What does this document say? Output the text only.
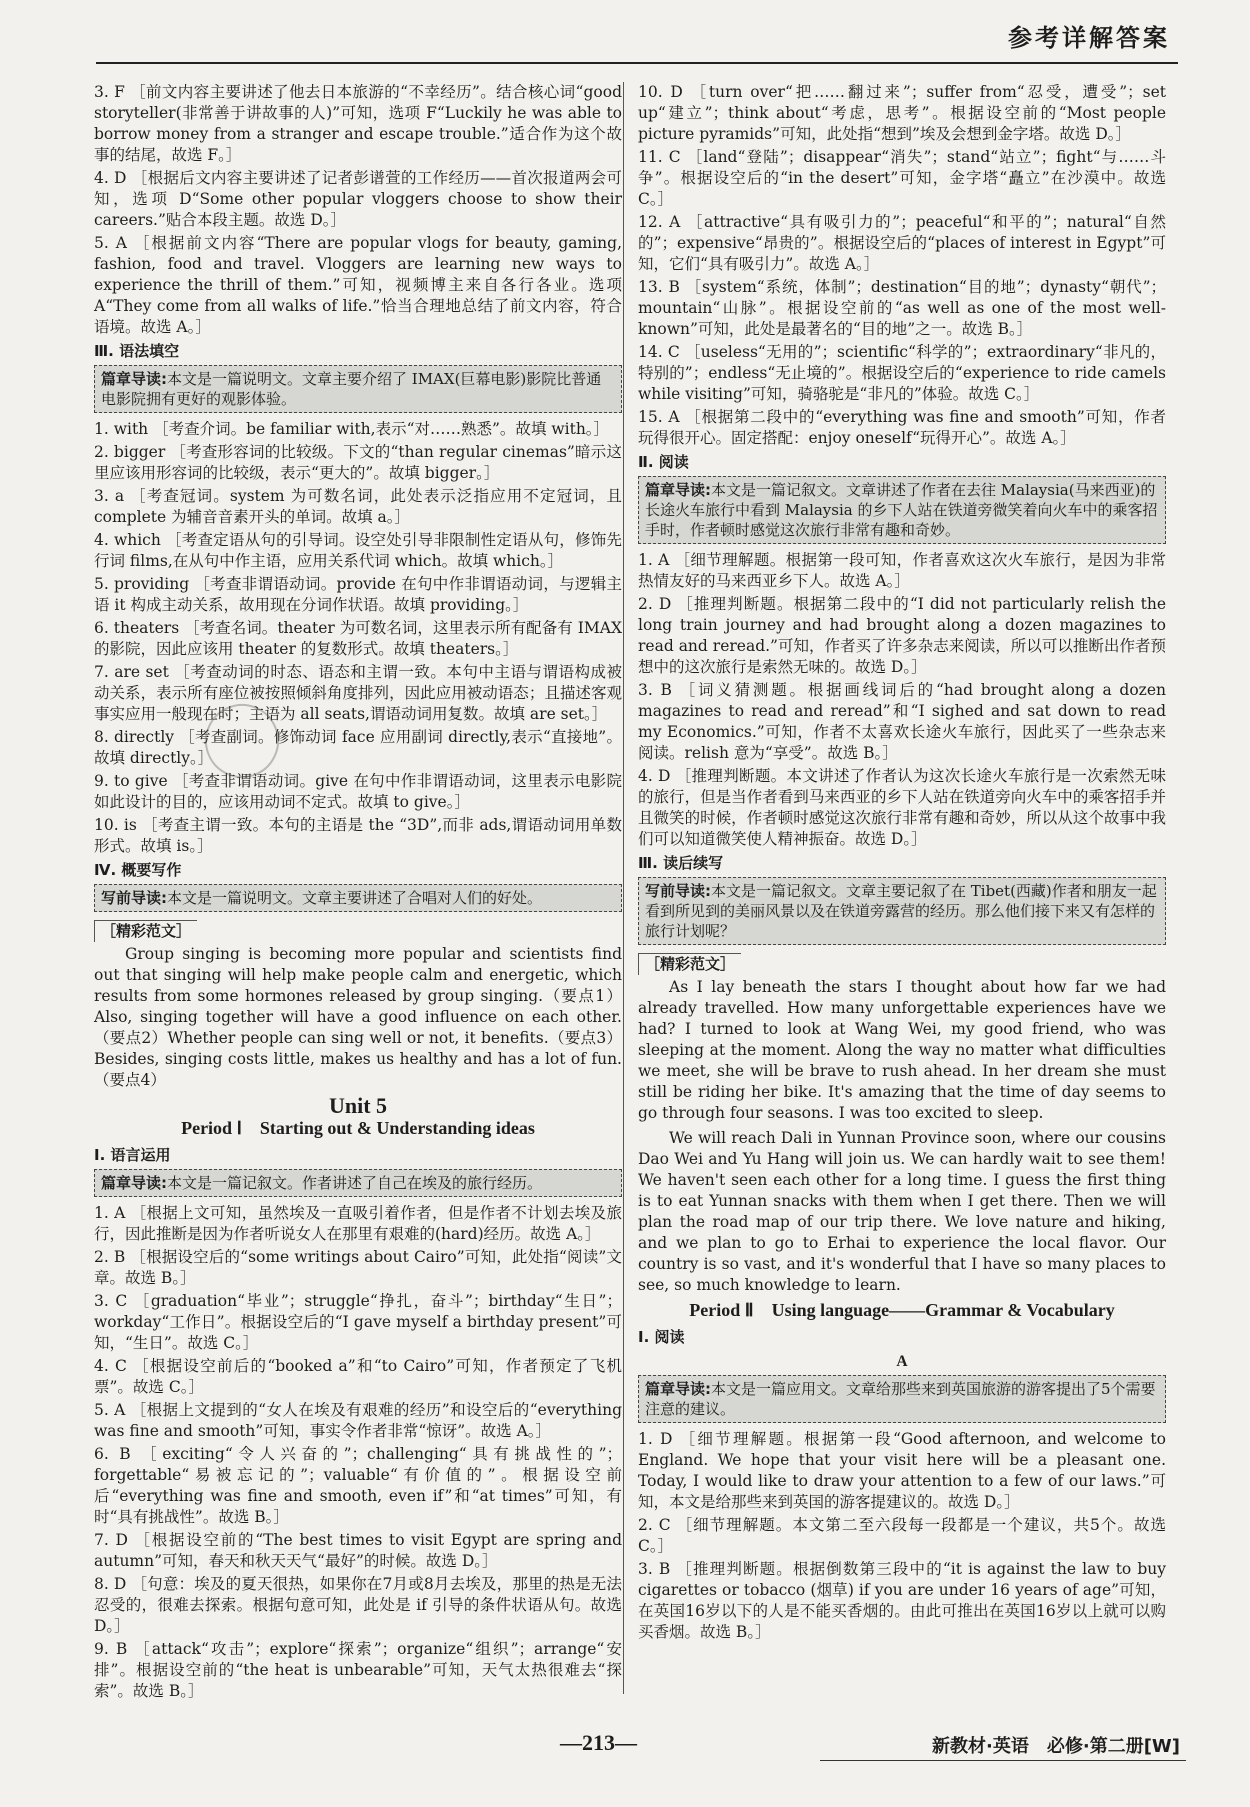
参考详解答案
3. F ［前文内容主要讲述了他去日本旅游的“不幸经历”。结合核心词“good storyteller(非常善于讲故事的人)”可知，选项 F“Luckily he was able to borrow money from a stranger and escape trouble.”适合作为这个故事的结尾，故选 F。］
4. D ［根据后文内容主要讲述了记者彭谱萱的工作经历——首次报道两会可知，选项 D“Some other popular vloggers choose to show their careers.”贴合本段主题。故选 D。］
5. A ［根据前文内容“There are popular vlogs for beauty, gaming, fashion, food and travel. Vloggers are learning new ways to experience the thrill of them.”可知，视频博主来自各行各业。选项 A“They come from all walks of life.”恰当合理地总结了前文内容，符合语境。故选 A。］
Ⅲ. 语法填空
篇章导读:本文是一篇说明文。文章主要介绍了 IMAX(巨幕电影)影院比普通电影院拥有更好的观影体验。
1. with ［考查介词。be familiar with,表示“对……熟悉”。故填 with。］
2. bigger ［考查形容词的比较级。下文的“than regular cinemas”暗示这里应该用形容词的比较级，表示“更大的”。故填 bigger。］
3. a ［考查冠词。system 为可数名词，此处表示泛指应用不定冠词，且 complete 为辅音音素开头的单词。故填 a。］
4. which ［考查定语从句的引导词。设空处引导非限制性定语从句，修饰先行词 films,在从句中作主语，应用关系代词 which。故填 which。］
5. providing ［考查非谓语动词。provide 在句中作非谓语动词，与逻辑主语 it 构成主动关系，故用现在分词作状语。故填 providing。］
6. theaters ［考查名词。theater 为可数名词，这里表示所有配备有 IMAX 的影院，因此应该用 theater 的复数形式。故填 theaters。］
7. are set ［考查动词的时态、语态和主谓一致。本句中主语与谓语构成被动关系，表示所有座位被按照倾斜角度排列，因此应用被动语态；且描述客观事实应用一般现在时；主语为 all seats,谓语动词用复数。故填 are set。］
8. directly ［考查副词。修饰动词 face 应用副词 directly,表示“直接地”。故填 directly。］
9. to give ［考查非谓语动词。give 在句中作非谓语动词，这里表示电影院如此设计的目的，应该用动词不定式。故填 to give。］
10. is ［考查主谓一致。本句的主语是 the “3D”,而非 ads,谓语动词用单数形式。故填 is。］
Ⅳ. 概要写作
写前导读:本文是一篇说明文。文章主要讲述了合唱对人们的好处。
［精彩范文］
Group singing is becoming more popular and scientists find out that singing will help make people calm and energetic, which results from some hormones released by group singing.（要点1）Also, singing together will have a good influence on each other.（要点2）Whether people can sing well or not, it benefits.（要点3）Besides, singing costs little, makes us healthy and has a lot of fun.（要点4）
Unit 5
Period Ⅰ　Starting out & Understanding ideas
Ⅰ. 语言运用
篇章导读:本文是一篇记叙文。作者讲述了自己在埃及的旅行经历。
1. A ［根据上文可知，虽然埃及一直吸引着作者，但是作者不计划去埃及旅行，因此推断是因为作者听说女人在那里有艰难的(hard)经历。故选 A。］
2. B ［根据设空后的“some writings about Cairo”可知，此处指“阅读”文章。故选 B。］
3. C ［graduation“毕业”；struggle“挣扎，奋斗”；birthday“生日”；workday“工作日”。根据设空后的“I gave myself a birthday present”可知，“生日”。故选 C。］
4. C ［根据设空前后的“booked a”和“to Cairo”可知，作者预定了飞机票”。故选 C。］
5. A ［根据上文提到的“女人在埃及有艰难的经历”和设空后的“everything was fine and smooth”可知，事实令作者非常“惊讶”。故选 A。］
6. B ［exciting“令人兴奋的”；challenging“具有挑战性的”；forgettable“易被忘记的”；valuable“有价值的”。根据设空前后“everything was fine and smooth, even if”和“at times”可知，有时“具有挑战性”。故选 B。］
7. D ［根据设空前的“The best times to visit Egypt are spring and autumn”可知，春天和秋天天气“最好”的时候。故选 D。］
8. D ［句意：埃及的夏天很热，如果你在7月或8月去埃及，那里的热是无法忍受的，很难去探索。根据句意可知，此处是 if 引导的条件状语从句。故选 D。］
9. B ［attack“攻击”；explore“探索”；organize“组织”；arrange“安排”。根据设空前的“the heat is unbearable”可知，天气太热很难去“探索”。故选 B。］
10. D ［turn over“把……翻过来”；suffer from“忍受，遭受”；set up“建立”；think about“考虑，思考”。根据设空前的“Most people picture pyramids”可知，此处指“想到”埃及会想到金字塔。故选 D。］
11. C ［land“登陆”；disappear“消失”；stand“站立”；fight“与……斗争”。根据设空后的“in the desert”可知，金字塔“矗立”在沙漠中。故选 C。］
12. A ［attractive“具有吸引力的”；peaceful“和平的”；natural“自然的”；expensive“昂贵的”。根据设空后的“places of interest in Egypt”可知，它们“具有吸引力”。故选 A。］
13. B ［system“系统，体制”；destination“目的地”；dynasty“朝代”；mountain“山脉”。根据设空前的“as well as one of the most well-known”可知，此处是最著名的“目的地”之一。故选 B。］
14. C ［useless“无用的”；scientific“科学的”；extraordinary“非凡的，特别的”；endless“无止境的”。根据设空后的“experience to ride camels while visiting”可知，骑骆驼是“非凡的”体验。故选 C。］
15. A ［根据第二段中的“everything was fine and smooth”可知，作者玩得很开心。固定搭配：enjoy oneself“玩得开心”。故选 A。］
Ⅱ. 阅读
篇章导读:本文是一篇记叙文。文章讲述了作者在去往 Malaysia(马来西亚)的长途火车旅行中看到 Malaysia 的乡下人站在铁道旁微笑着向火车中的乘客招手时，作者顿时感觉这次旅行非常有趣和奇妙。
1. A ［细节理解题。根据第一段可知，作者喜欢这次火车旅行，是因为非常热情友好的马来西亚乡下人。故选 A。］
2. D ［推理判断题。根据第二段中的“I did not particularly relish the long train journey and had brought along a dozen magazines to read and reread.”可知，作者买了许多杂志来阅读，所以可以推断出作者预想中的这次旅行是索然无味的。故选 D。］
3. B ［词义猜测题。根据画线词后的“had brought along a dozen magazines to read and reread”和“I sighed and sat down to read my Economics.”可知，作者不太喜欢长途火车旅行，因此买了一些杂志来阅读。relish 意为“享受”。故选 B。］
4. D ［推理判断题。本文讲述了作者认为这次长途火车旅行是一次索然无味的旅行，但是当作者看到马来西亚的乡下人站在铁道旁向火车中的乘客招手并且微笑的时候，作者顿时感觉这次旅行非常有趣和奇妙，所以从这个故事中我们可以知道微笑使人精神振奋。故选 D。］
Ⅲ. 读后续写
写前导读:本文是一篇记叙文。文章主要记叙了在 Tibet(西藏)作者和朋友一起看到所见到的美丽风景以及在铁道旁露营的经历。那么他们接下来又有怎样的旅行计划呢？
［精彩范文］
As I lay beneath the stars I thought about how far we had already travelled. How many unforgettable experiences have we had? I turned to look at Wang Wei, my good friend, who was sleeping at the moment. Along the way no matter what difficulties we meet, she will be brave to rush ahead. In her dream she must still be riding her bike. It's amazing that the time of day seems to go through four seasons. I was too excited to sleep.
We will reach Dali in Yunnan Province soon, where our cousins Dao Wei and Yu Hang will join us. We can hardly wait to see them! We haven't seen each other for a long time. I guess the first thing is to eat Yunnan snacks with them when I get there. Then we will plan the road map of our trip there. We love nature and hiking, and we plan to go to Erhai to experience the local flavor. Our country is so vast, and it's wonderful that I have so many places to see, so much knowledge to learn.
Period Ⅱ　Using language——Grammar & Vocabulary
Ⅰ. 阅读
A
篇章导读:本文是一篇应用文。文章给那些来到英国旅游的游客提出了5个需要注意的建议。
1. D ［细节理解题。根据第一段“Good afternoon, and welcome to England. We hope that your visit here will be a pleasant one. Today, I would like to draw your attention to a few of our laws.”可知，本文是给那些来到英国的游客提建议的。故选 D。］
2. C ［细节理解题。本文第二至六段每一段都是一个建议，共5个。故选 C。］
3. B ［推理判断题。根据倒数第三段中的“it is against the law to buy cigarettes or tobacco (烟草) if you are under 16 years of age”可知，在英国16岁以下的人是不能买香烟的。由此可推出在英国16岁以上就可以购买香烟。故选 B。］
—213—	新教材·英语　必修·第二册[W]
